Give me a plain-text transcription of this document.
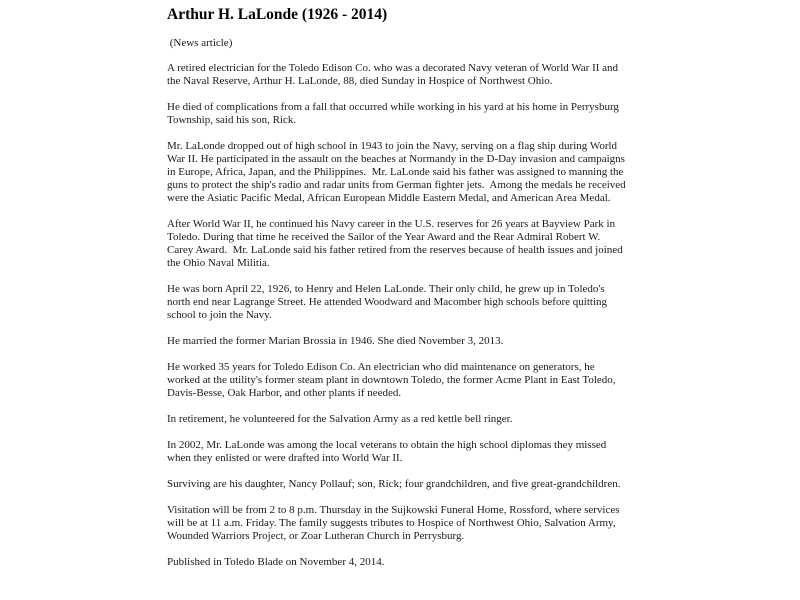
Arthur H. LaLonde (1926 - 2014)
(News article)

A retired electrician for the Toledo Edison Co. who was a decorated Navy veteran of World War II and the Naval Reserve, Arthur H. LaLonde, 88, died Sunday in Hospice of Northwest Ohio.

He died of complications from a fall that occurred while working in his yard at his home in Perrysburg Township, said his son, Rick.

Mr. LaLonde dropped out of high school in 1943 to join the Navy, serving on a flag ship during World War II. He participated in the assault on the beaches at Normandy in the D-Day invasion and campaigns in Europe, Africa, Japan, and the Philippines.  Mr. LaLonde said his father was assigned to manning the guns to protect the ship's radio and radar units from German fighter jets.  Among the medals he received were the Asiatic Pacific Medal, African European Middle Eastern Medal, and American Area Medal.

After World War II, he continued his Navy career in the U.S. reserves for 26 years at Bayview Park in Toledo. During that time he received the Sailor of the Year Award and the Rear Admiral Robert W. Carey Award.  Mr. LaLonde said his father retired from the reserves because of health issues and joined the Ohio Naval Militia.

He was born April 22, 1926, to Henry and Helen LaLonde. Their only child, he grew up in Toledo's north end near Lagrange Street. He attended Woodward and Macomber high schools before quitting school to join the Navy.

He married the former Marian Brossia in 1946. She died November 3, 2013.

He worked 35 years for Toledo Edison Co. An electrician who did maintenance on generators, he worked at the utility's former steam plant in downtown Toledo, the former Acme Plant in East Toledo, Davis-Besse, Oak Harbor, and other plants if needed.

In retirement, he volunteered for the Salvation Army as a red kettle bell ringer.

In 2002, Mr. LaLonde was among the local veterans to obtain the high school diplomas they missed when they enlisted or were drafted into World War II.

Surviving are his daughter, Nancy Pollauf; son, Rick; four grandchildren, and five great-grandchildren.

Visitation will be from 2 to 8 p.m. Thursday in the Sujkowski Funeral Home, Rossford, where services will be at 11 a.m. Friday. The family suggests tributes to Hospice of Northwest Ohio, Salvation Army, Wounded Warriors Project, or Zoar Lutheran Church in Perrysburg.

Published in Toledo Blade on November 4, 2014.
